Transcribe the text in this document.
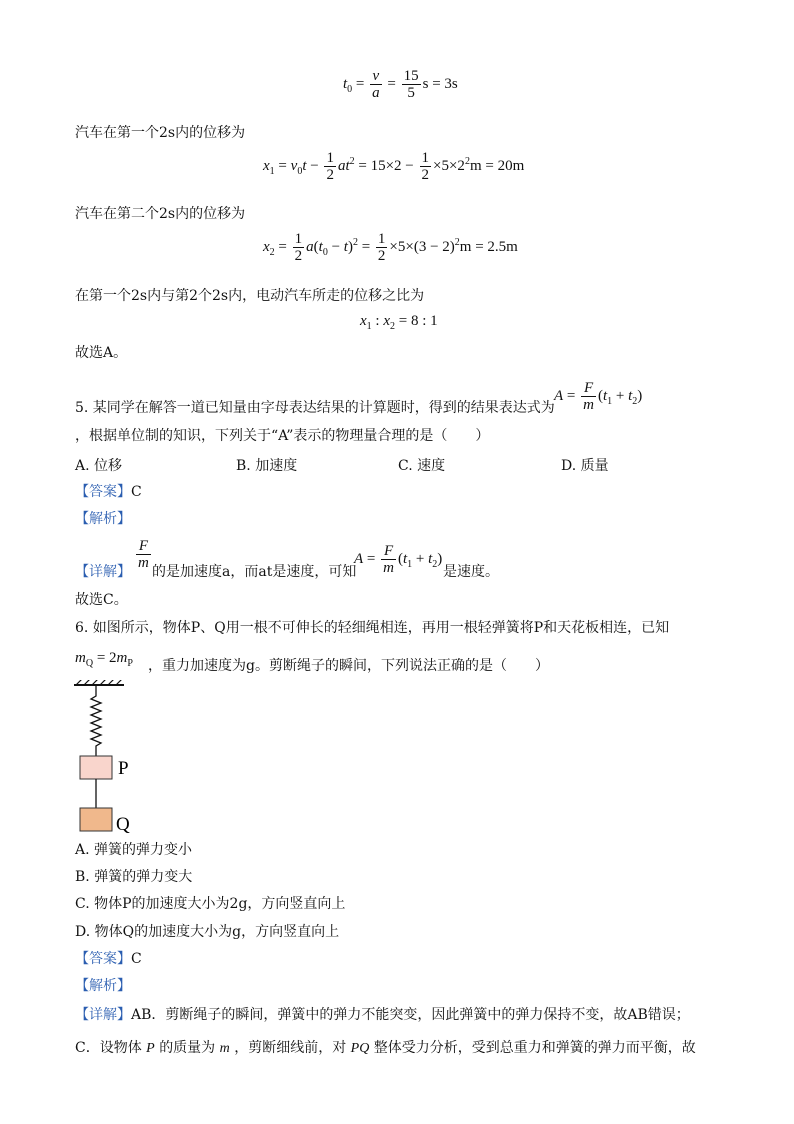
$t_0 = \frac{v}{a} = \frac{15}{5}$ s = 3s
汽车在第一个2s内的位移为
$x_1 = v_0t - \frac{1}{2} at^2 = 15\times 2 - \frac{1}{2} \times 5\times 2^2m = 20m$
汽车在第二个2s内的位移为
$x_2 = \frac{1}{2} a(t_0 - t)^2 = \frac{1}{2} \times 5\times(3 - 2)^2m = 2.5m$
在第一个2s内与第2个2s内，电动汽车所走的位移之比为
$x_1$ : $x_2 = 8$ : 1
故选A。
5. 某同学在解答一道已知量由字母表达结果的计算题时，得到的结果表达式为
$A = \frac{F}{m} (t_1 + t_2)$
，根据单位制的知识，下列关于“A”表示的物理量合理的是（　　）
A. 位移	B. 加速度	C. 速度	D. 质量
【答案】C
【解析】
【详解】
$\frac{F}{m}$
的是加速度a，而at是速度，可知
$A = \frac{F}{m} (t_1 + t_2)$
是速度。
故选C。
6. 如图所示，物体P、Q用一根不可伸长的轻细绳相连，再用一根轻弹簧将P和天花板相连，已知
$m_Q = 2m_P$ ，重力加速度为g。剪断绳子的瞬间，下列说法正确的是（　　）
P
Q
A. 弹簧的弹力变小
B. 弹簧的弹力变大
C. 物体P的加速度大小为2g，方向竖直向上
D. 物体Q的加速度大小为g，方向竖直向上
【答案】C
【解析】
【详解】AB．剪断绳子的瞬间，弹簧中的弹力不能突变，因此弹簧中的弹力保持不变，故AB错误；
C．设物体 P 的质量为 m ，剪断细线前，对 PQ 整体受力分析，受到总重力和弹簧的弹力而平衡，故
